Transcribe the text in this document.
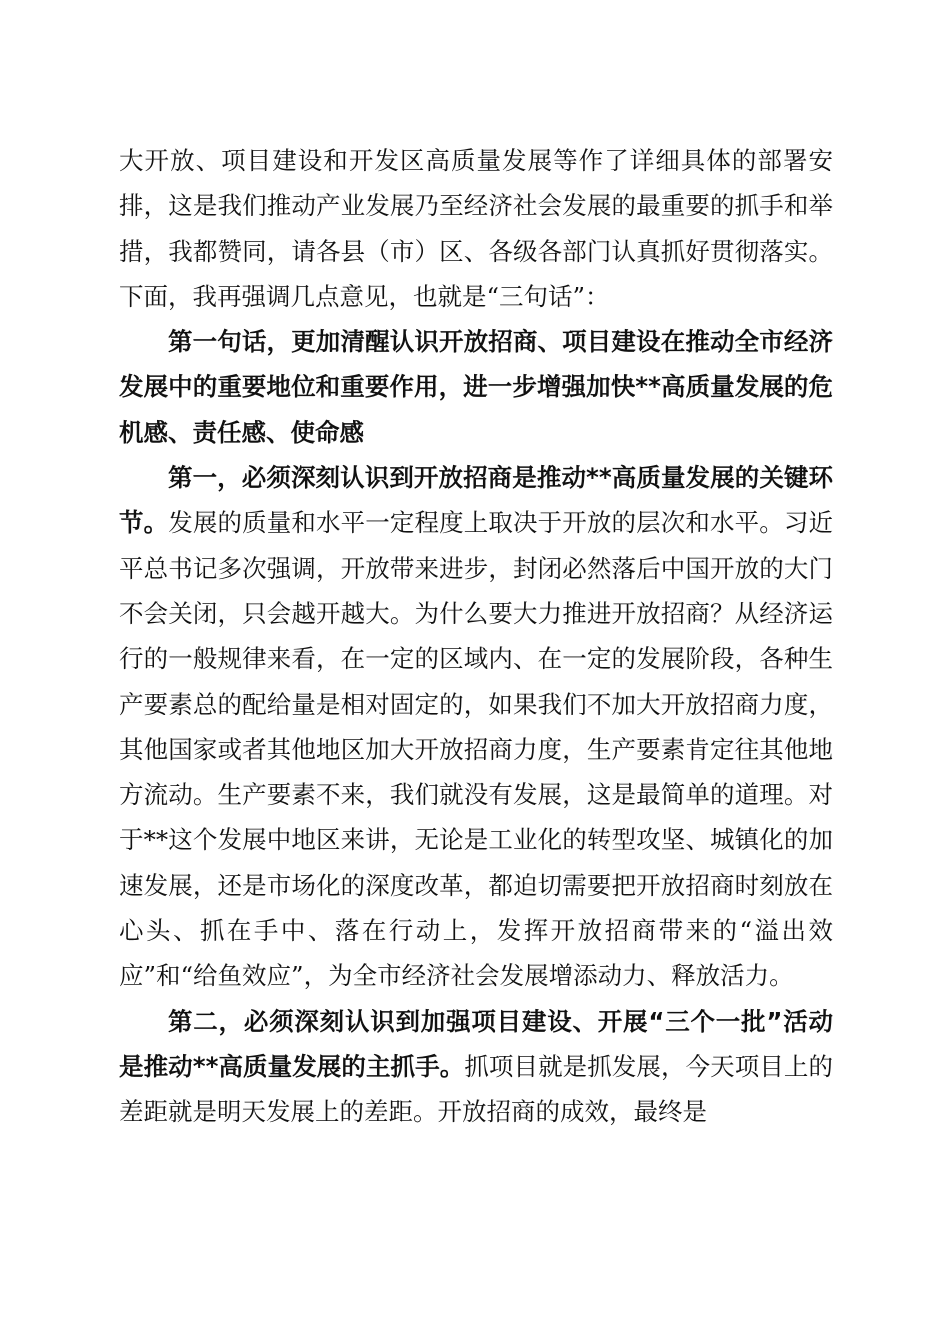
大开放、项目建设和开发区高质量发展等作了详细具体的部署安排，这是我们推动产业发展乃至经济社会发展的最重要的抓手和举措，我都赞同，请各县（市）区、各级各部门认真抓好贯彻落实。下面，我再强调几点意见，也就是“三句话”：

第一句话，更加清醒认识开放招商、项目建设在推动全市经济发展中的重要地位和重要作用，进一步增强加快**高质量发展的危机感、责任感、使命感

第一，必须深刻认识到开放招商是推动**高质量发展的关键环节。发展的质量和水平一定程度上取决于开放的层次和水平。习近平总书记多次强调，开放带来进步，封闭必然落后中国开放的大门不会关闭，只会越开越大。为什么要大力推进开放招商？从经济运行的一般规律来看，在一定的区域内、在一定的发展阶段，各种生产要素总的配给量是相对固定的，如果我们不加大开放招商力度，其他国家或者其他地区加大开放招商力度，生产要素肯定往其他地方流动。生产要素不来，我们就没有发展，这是最简单的道理。对于**这个发展中地区来讲，无论是工业化的转型攻坚、城镇化的加速发展，还是市场化的深度改革，都迫切需要把开放招商时刻放在心头、抓在手中、落在行动上，发挥开放招商带来的“溢出效应”和“给鱼效应”，为全市经济社会发展增添动力、释放活力。

第二，必须深刻认识到加强项目建设、开展“三个一批”活动是推动**高质量发展的主抓手。抓项目就是抓发展，今天项目上的差距就是明天发展上的差距。开放招商的成效，最终是
